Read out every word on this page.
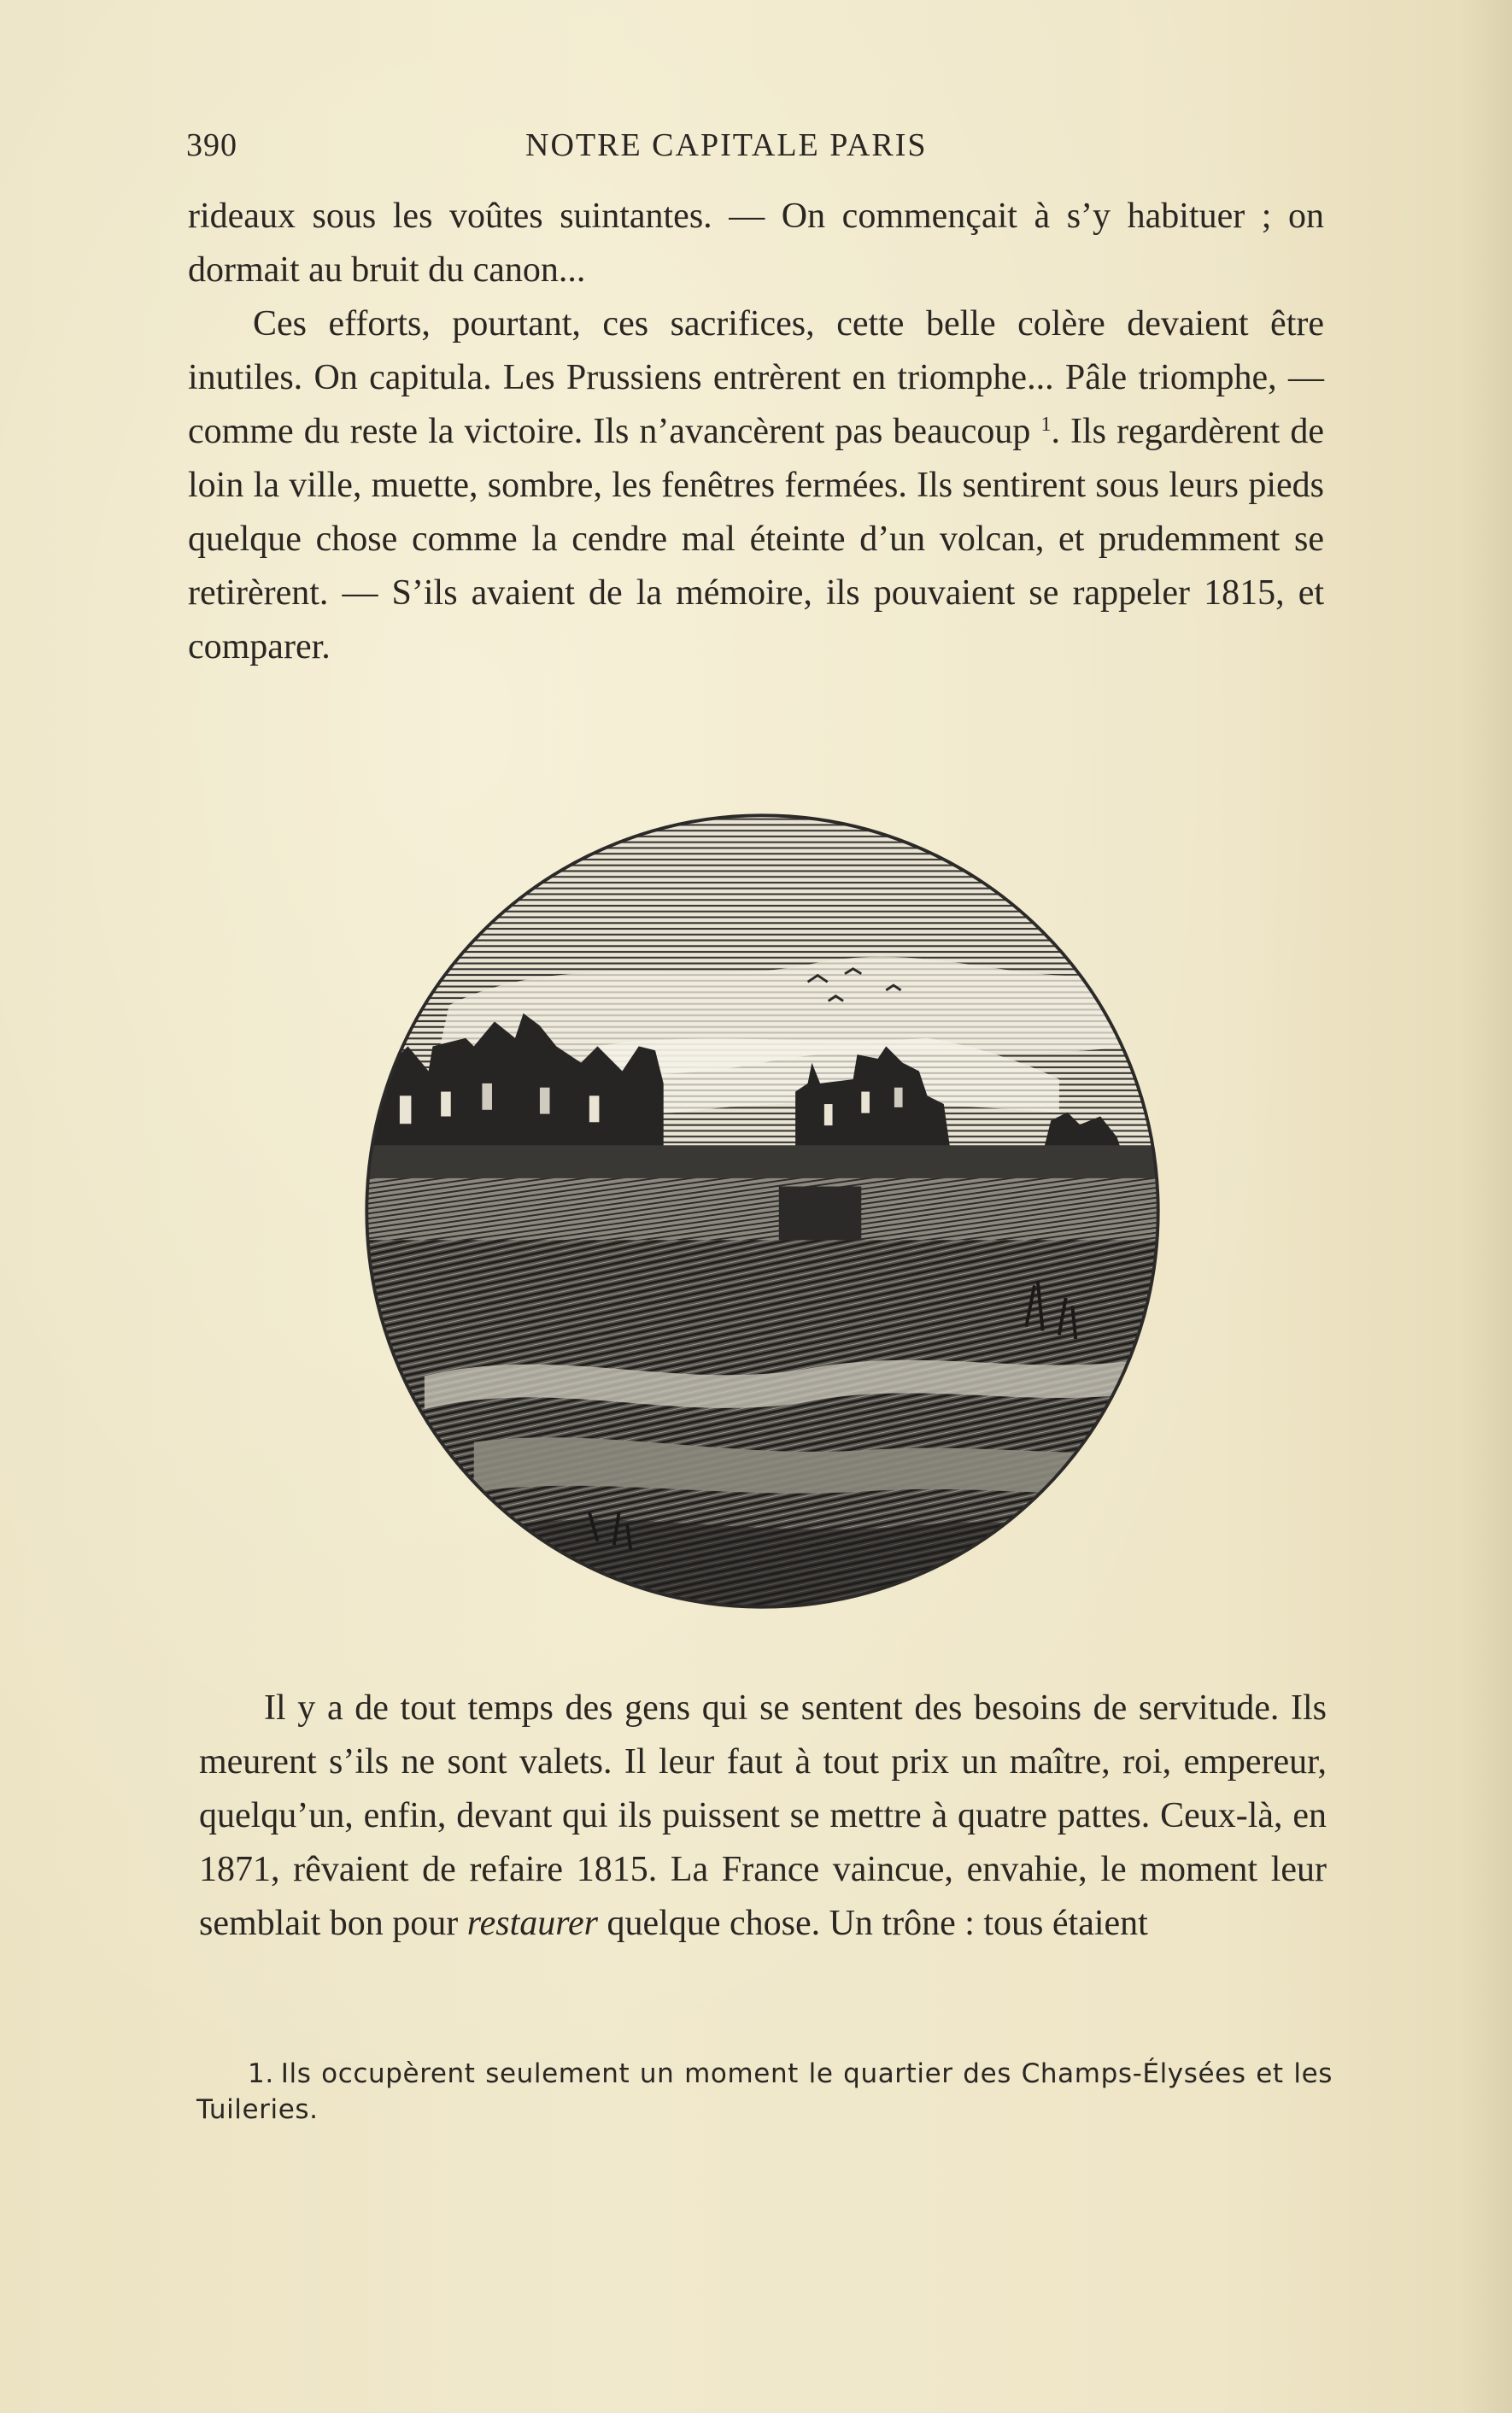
390	NOTRE CAPITALE PARIS

rideaux sous les voûtes suintantes. — On commençait à s’y habituer ; on dormait au bruit du canon...

Ces efforts, pourtant, ces sacrifices, cette belle colère devaient être inutiles. On capitula. Les Prussiens entrèrent en triomphe... Pâle triomphe, — comme du reste la victoire. Ils n’avancèrent pas beaucoup $^1$. Ils regardèrent de loin la ville, muette, sombre, les fenêtres fermées. Ils sentirent sous leurs pieds quelque chose comme la cendre mal éteinte d’un volcan, et prudemment se retirèrent. — S’ils avaient de la mémoire, ils pouvaient se rappeler 1815, et comparer.

Il y a de tout temps des gens qui se sentent des besoins de servitude. Ils meurent s’ils ne sont valets. Il leur faut à tout prix un maître, roi, empereur, quelqu’un, enfin, devant qui ils puissent se mettre à quatre pattes. Ceux-là, en 1871, rêvaient de refaire 1815. La France vaincue, envahie, le moment leur semblait bon pour restaurer quelque chose. Un trône : tous étaient

1. Ils occupèrent seulement un moment le quartier des Champs-Élysées et les Tuileries.
